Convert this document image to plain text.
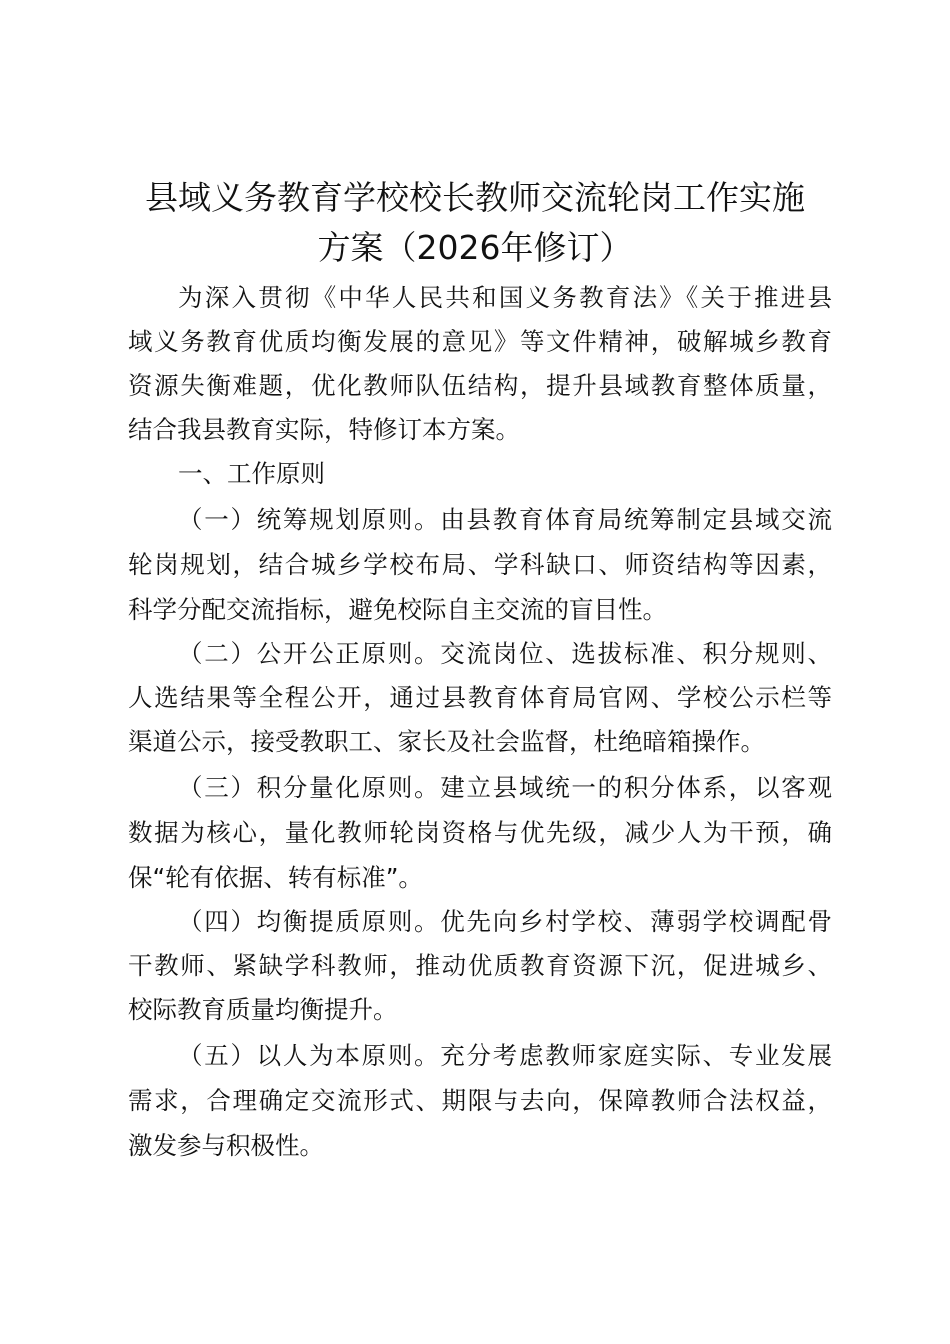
县域义务教育学校校长教师交流轮岗工作实施
方案（2026年修订）

为深入贯彻《中华人民共和国义务教育法》《关于推进县

域义务教育优质均衡发展的意见》等文件精神，破解城乡教育

资源失衡难题，优化教师队伍结构，提升县域教育整体质量，

结合我县教育实际，特修订本方案。

一、工作原则

（一）统筹规划原则。由县教育体育局统筹制定县域交流

轮岗规划，结合城乡学校布局、学科缺口、师资结构等因素，

科学分配交流指标，避免校际自主交流的盲目性。

（二）公开公正原则。交流岗位、选拔标准、积分规则、

人选结果等全程公开，通过县教育体育局官网、学校公示栏等

渠道公示，接受教职工、家长及社会监督，杜绝暗箱操作。

（三）积分量化原则。建立县域统一的积分体系，以客观

数据为核心，量化教师轮岗资格与优先级，减少人为干预，确

保“轮有依据、转有标准”。

（四）均衡提质原则。优先向乡村学校、薄弱学校调配骨

干教师、紧缺学科教师，推动优质教育资源下沉，促进城乡、

校际教育质量均衡提升。

（五）以人为本原则。充分考虑教师家庭实际、专业发展

需求，合理确定交流形式、期限与去向，保障教师合法权益，

激发参与积极性。
